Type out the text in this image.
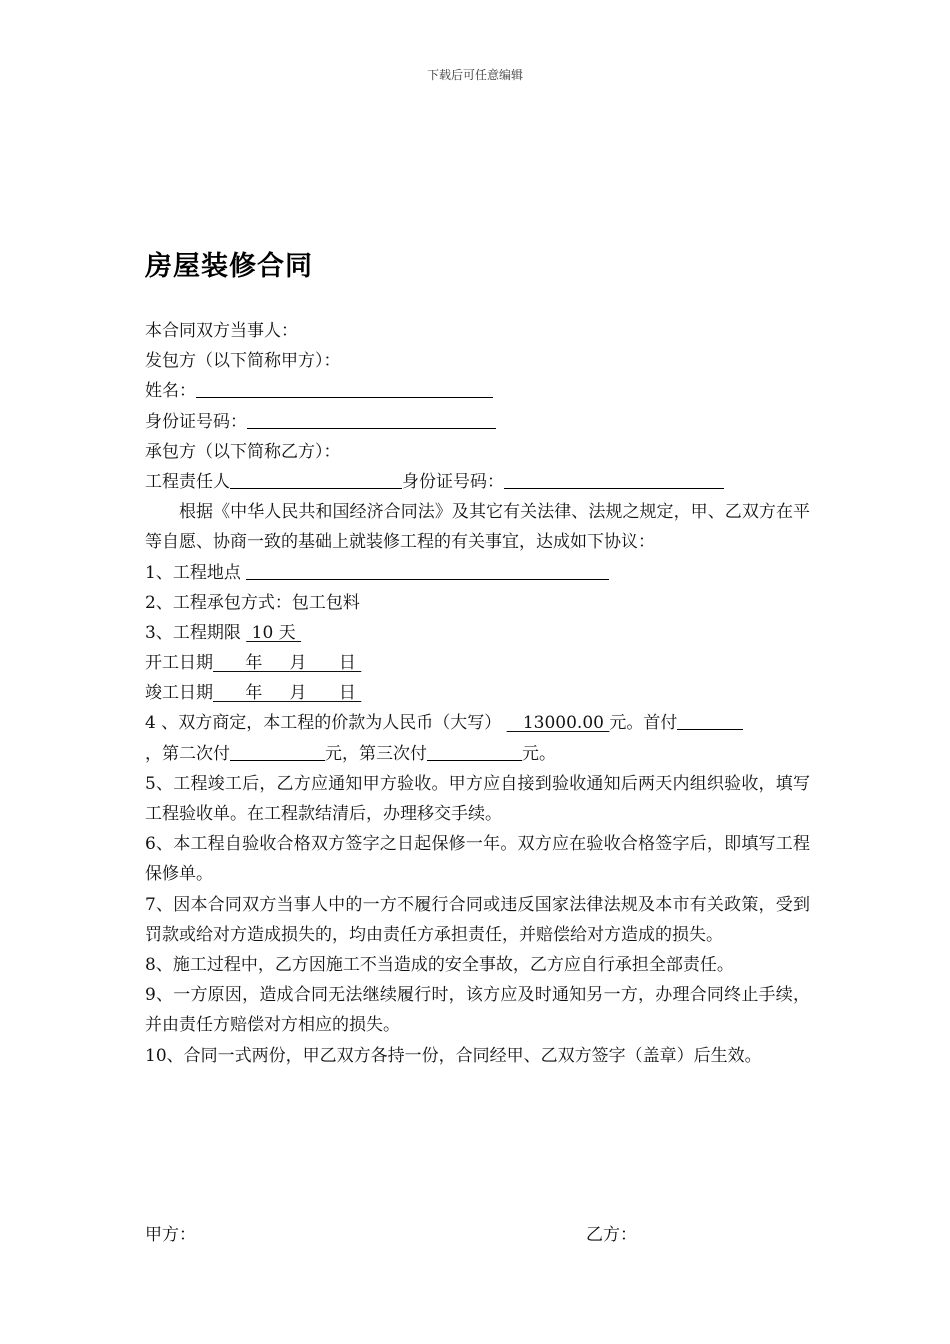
下载后可任意编辑
房屋装修合同
本合同双方当事人：
发包方（以下简称甲方）：
姓名：
身份证号码：
承包方（以下简称乙方）：
工程责任人	身份证号码：
根据《中华人民共和国经济合同法》及其它有关法律、法规之规定，甲、乙双方在平等自愿、协商一致的基础上就装修工程的有关事宜，达成如下协议：
1、工程地点
2、工程承包方式：包工包料
3、工程期限  10 天
开工日期      年     月      日
竣工日期      年     月      日
4 、双方商定，本工程的价款为人民币（大写）    13000.00 元。首付
，第二次付	元，第三次付	元。
5、工程竣工后，乙方应通知甲方验收。甲方应自接到验收通知后两天内组织验收，填写工程验收单。在工程款结清后，办理移交手续。
6、本工程自验收合格双方签字之日起保修一年。双方应在验收合格签字后，即填写工程保修单。
7、因本合同双方当事人中的一方不履行合同或违反国家法律法规及本市有关政策，受到罚款或给对方造成损失的，均由责任方承担责任，并赔偿给对方造成的损失。
8、施工过程中，乙方因施工不当造成的安全事故，乙方应自行承担全部责任。
9、一方原因，造成合同无法继续履行时，该方应及时通知另一方，办理合同终止手续，并由责任方赔偿对方相应的损失。
10、合同一式两份，甲乙双方各持一份，合同经甲、乙双方签字（盖章）后生效。
甲方：	乙方：
